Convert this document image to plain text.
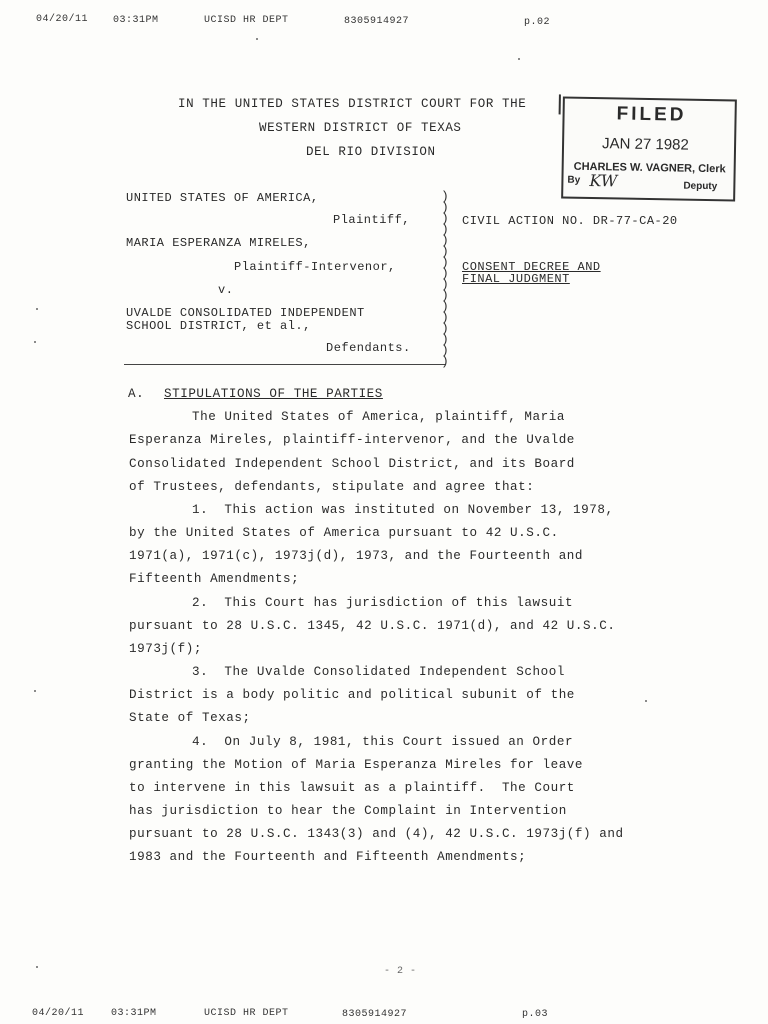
04/20/11 03:31PM	UCISD HR DEPT	8305914927	p.02
IN THE UNITED STATES DISTRICT COURT FOR THE
WESTERN DISTRICT OF TEXAS
DEL RIO DIVISION
FILED
JAN 27 1982
CHARLES W. VAGNER, Clerk
By KW	Deputy
UNITED STATES OF AMERICA,
Plaintiff,
MARIA ESPERANZA MIRELES,
Plaintiff-Intervenor,
v.
UVALDE CONSOLIDATED INDEPENDENT
SCHOOL DISTRICT, et al.,
Defendants.
)
)
)
)
)
)
)
)
)
)
)
)
)
)
)
)
CIVIL ACTION NO. DR-77-CA-20
CONSENT DECREE AND
FINAL JUDGMENT
A. STIPULATIONS OF THE PARTIES
The United States of America, plaintiff, Maria
Esperanza Mireles, plaintiff-intervenor, and the Uvalde
Consolidated Independent School District, and its Board
of Trustees, defendants, stipulate and agree that:
1.  This action was instituted on November 13, 1978,
by the United States of America pursuant to 42 U.S.C.
1971(a), 1971(c), 1973j(d), 1973, and the Fourteenth and
Fifteenth Amendments;
2.  This Court has jurisdiction of this lawsuit
pursuant to 28 U.S.C. 1345, 42 U.S.C. 1971(d), and 42 U.S.C.
1973j(f);
3.  The Uvalde Consolidated Independent School
District is a body politic and political subunit of the
State of Texas;
4.  On July 8, 1981, this Court issued an Order
granting the Motion of Maria Esperanza Mireles for leave
to intervene in this lawsuit as a plaintiff.  The Court
has jurisdiction to hear the Complaint in Intervention
pursuant to 28 U.S.C. 1343(3) and (4), 42 U.S.C. 1973j(f) and
1983 and the Fourteenth and Fifteenth Amendments;
- 2 -
04/20/11	03:31PM	UCISD HR DEPT	8305914927	p.03
